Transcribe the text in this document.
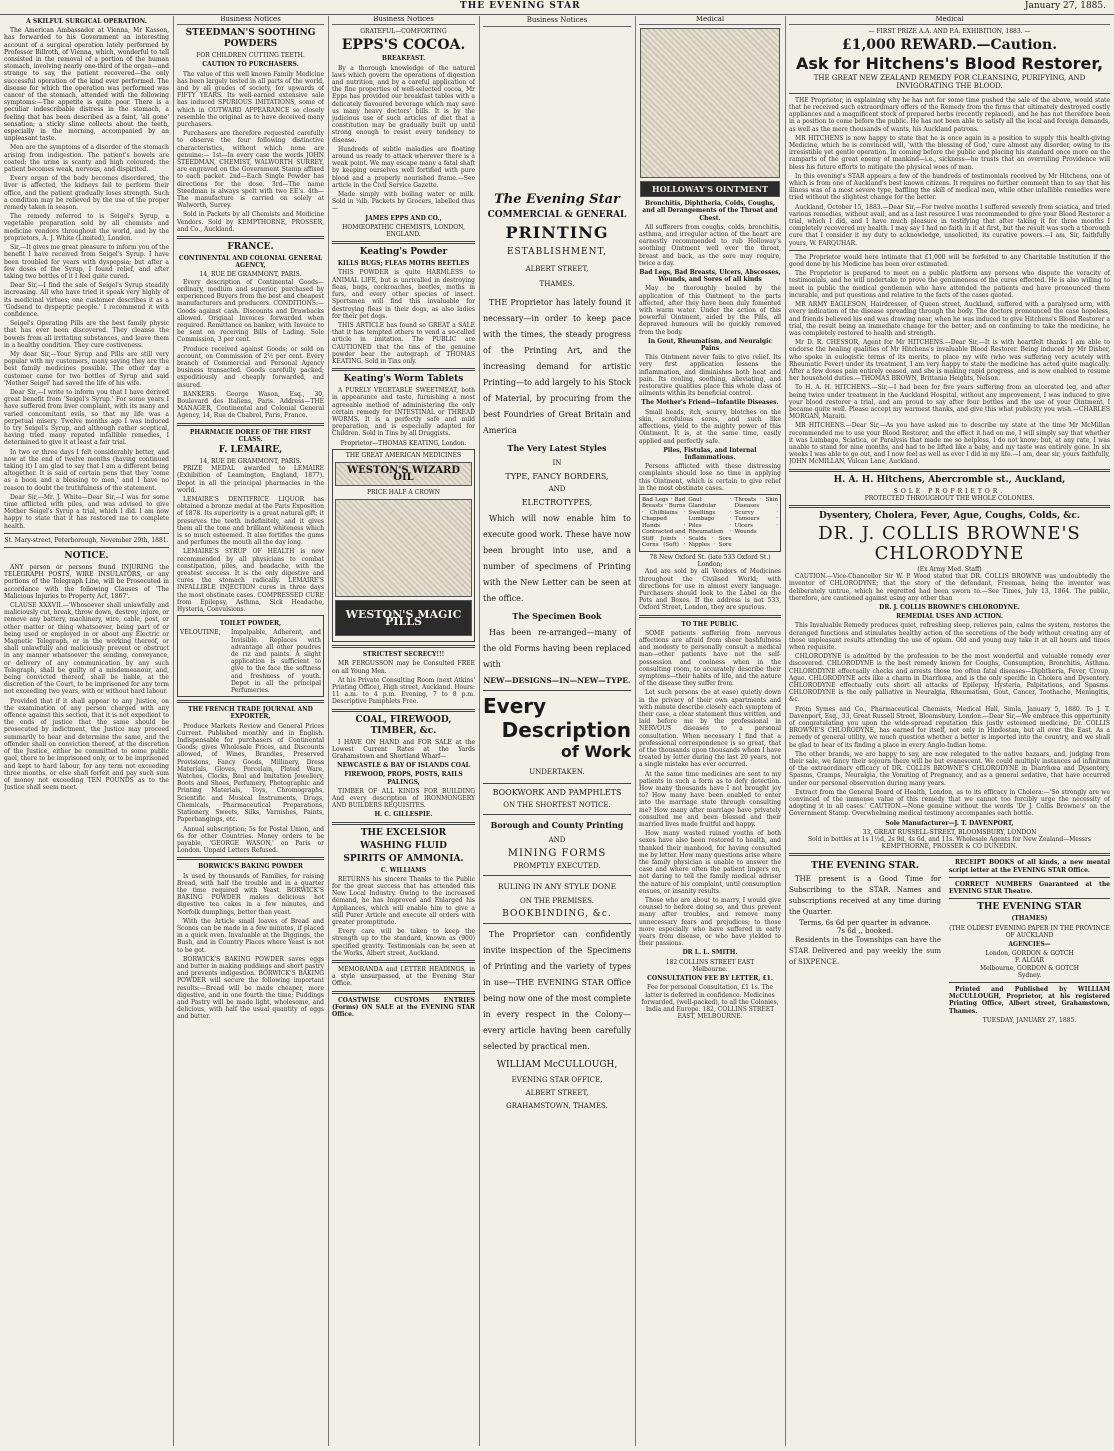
THE EVENING STAR	January 27, 1885.
A SKILFUL SURGICAL OPERATION.

The American Ambassador at Vienna, Mr Kasson, has forwarded to his Government an interesting account of a surgical operation lately performed by Professor Billroth, of Vienna, which, wonderful to tell consisted in the removal of a portion of the human stomach, involving nearly one-third of the organ—and strange to say, the patient recovered—the only successful operation of the kind ever performed. The disease for which the operation was performed was cancer of the stomach, attended with the following symptoms:—The appetite is quite poor. There is a peculiar indescribable distress in the stomach, a feeling that has been described as a faint, 'all gone' sensation; a sticky slime collects about the teeth, especially in the morning, accompanied by an unpleasant taste.

Men are the symptoms of a disorder of the stomach arising from indigestion. The patient's bowels are coated; the urine is scanty and high coloured; the patient becomes weak, nervous, and dispirited.

Every organ of the body becomes disordered, the liver is affected, the kidneys fail to perform their office, and the patient gradually loses strength. Such a condition may be relieved by the use of the proper remedy taken in season.

The remedy referred to is Seigel's Syrup, a vegetable preparation sold by all chemists and medicine vendors throughout the world, and by the proprietors, A. J. White (Limited), London.

Sir,—It gives me great pleasure to inform you of the benefit I have received from Seigel's Syrup. I have been troubled for years with dyspepsia; but after a few doses of the Syrup, I found relief, and after taking two bottles of it I feel quite cured.

Dear Sir,—I find the sale of Seigel's Syrup steadily increasing. All who have tried it speak very highly of its medicinal virtues; one customer describes it as a 'Godsend to dyspeptic people.' I recommend it with confidence.

Seigel's Operating Pills are the best family physic that has ever been discovered. They cleanse the bowels from all irritating substances, and leave them in a healthy condition. They cure costiveness.

My dear Sir,—Your Syrup and Pills are still very popular with my customers, many saying they are the best family medicines possible. The other day a customer came for two bottles of Syrup and said 'Mother Seigel' had saved the life of his wife.

Dear Sir,—I write to inform you that I have derived great benefit from 'Seigel's Syrup.' For some years I have suffered from liver complaint, with its many and varied concomitant evils, so that my life was a perpetual misery. Twelve months ago I was induced to try Seigel's Syrup, and although rather sceptical, having tried many reputed infallible remedies, I determined to give it at least a fair trial.

In two or three days I felt considerably better, and now at the end of twelve months (having continued taking it) I am glad to say that I am a different being altogether. It is said of certain pens that they 'come as a boon and a blessing to men,' and I have no reason to doubt the truthfulness of the statement.

Dear Sir,—Mr. J. White—Dear Sir,—I was for some time afflicted with piles, and was advised to give Mother Seigel's Syrup a trial, which I did. I am now happy to state that it has restored me to complete health.

St. Mary-street, Peterborough, November 29th, 1881.
NOTICE.

ANY person or persons found INJURING the TELEGRAPH POSTS, WIRE INSULATORS, or any portions of the Telegraph Line, will be Prosecuted in accordance with the following Clauses of 'The Malicious Injuries to Property Act, 1867'.

CLAUSE XXXVII.—'Whosoever shall unlawfully and maliciously cut, break, throw down, destroy, injure, or remove any battery, machinery, wire, cable, post, or other matter or thing whatsoever, being part of or being used or employed in or about any Electric or Magnetic Telegraph, or in the working thereof, or shall unlawfully and maliciously prevent or obstruct in any manner whatsoever the sending, conveyance, or delivery of any communication by any such Telegraph, shall be guilty of a misdemeanour, and, being convicted thereof, shall be liable, at the discretion of the Court, to be imprisoned for any term not exceeding two years, with or without hard labour.

Provided that if it shall appear to any Justice, on the examination of any person charged with any offence against this section, that it is not expedient to the ends of justice that the same should be prosecuted by indictment, the Justice may proceed summarily to hear and determine the same, and the offender shall on conviction thereof, at the discretion of the Justice, either be committed to some public gaol, there to be imprisoned only, or to be imprisoned and kept to hard labour, for any term not exceeding three months, or else shall forfeit and pay such sum of money not exceeding TEN POUNDS as to the Justice shall seem meet.

Business Notices
STEEDMAN'S SOOTHING POWDERS
FOR CHILDREN CUTTING TEETH.
CAUTION TO PURCHASERS.

The value of this well known Family Medicine has been largely tested in all parts of the world, and by all grades of society, for upwards of FIFTY YEARS. Its well-earned extensive sale has induced SPURIOUS IMITATIONS, some of which in OUTWARD APPEARANCE so closely resemble the original as to have deceived many purchasers.

Purchasers are therefore requested carefully to observe the four following distinctive characteristics, without which none are genuine:— 1st—In every case the words JOHN STEEDMAN, CHEMIST, WALWORTH SURREY, are engraved on the Government Stamp affixed to each packet. 2nd—Each Single Powder has directions for the dose. 3rd—The name Steedman is always spelt with two EE's. 4th—The manufacture is carried on solely at Walworth, Surrey.

Sold in Packets by all Chemists and Medicine Vendors. Sold by KEMPTHORNE, PROSSER, and Co., Auckland.

FRANCE.
CONTINENTAL AND COLONIAL GENERAL AGENCY,
14, RUE DE GRAMMONT, PARIS.

Every description of Continental Goods—ordinary, medium and superior, purchased by experienced Buyers from the best and cheapest manufacturers and producers. CONDITIONS:—Goods against cash. Discounts and Drawbacks allowed. Original Invoices forwarded when required. Remittance on banker, with Invoice to be sent on receiving Bills of Lading. Sole Commission, 3 per cent.

Produce received against Goods; or sold on account, on Commission of 2½ per cent. Every branch of Commercial and Personal Agency business transacted. Goods carefully packed; expeditiously and cheaply forwarded, and insured.

BANKERS: George Wason, Esq., 30, Boulevard des Italiens, Paris. Address—THE MANAGER, Continental and Colonial General Agency, 14, Rue de Chabrol, Paris, France.

PHARMACIE DOREE OF THE FIRST CLASS.
F. LEMAIRE,
14, RUE DE GRAMMONT, PARIS.

PRIZE MEDAL awarded to LEMAIRE (Exhibition of Leamington, England, 1877). Depot in all the principal pharmacies in the world.

LEMAIRE'S DENTIFRICE LIQUOR has obtained a bronze medal at the Paris Exposition of 1878. Its superiority is a great natural gift; it preserves the teeth indefinitely, and it gives them all the tone and brilliant whiteness which is so much esteemed. It also fortifies the gums and perfumes the mouth all the day long.

LEMAIRE'S SYRUP OF HEALTH is now recommended by all physicians to combat constipation, piles, and headache, with the greatest success. It is the only digestive and cures the stomach radically. LEMAIRE'S INFALLIBLE INJECTION cures in three days the most obstinate cases. COMPRESSED CURE from Epilepsy, Asthma, Sick Headache, Hysteria, Convulsions.

TOILET POWDER,
VELOUTINE,	Impalpable, Adherent, and Invisible. Replaces with advantage all other poudres de riz and paints. A slight application is sufficient to give to the face the softness and freshness of youth. Depot in all the principal Perfumeries.
THE FRENCH TRADE JOURNAL AND EXPORTER,

Produce Markets Review and General Prices Current. Published monthly and in English. Indispensable for purchasers of Continental Goods; gives Wholesale Prices, and Discounts allowed, of Wines, Brandies, Preserved Provisions, Fancy Goods, Millinery, Dress Materials, Gloves, Porcelain, Plated Ware, Watches, Clocks, Real and Imitation Jewellery, Boots and Shoes, Perfumery, Photographic and Printing Materials, Toys, Chromographs, Scientific and Musical Instruments, Drugs, Chemicals, Pharmaceutical Preparations, Stationery, Sweets, Silks, Varnishes, Paints, Paperhangings, etc.

Annual subscription; 5s for Postal Union, and 6s for other Countries. Money orders to be payable, 'GEORGE WASON,' on Paris or London. Unpaid Letters Refused.

BORWICK'S BAKING POWDER

Is used by thousands of Families, for raising Bread, with half the trouble and in a quarter the time required with Yeast. BORWICK'S BAKING POWDER makes delicious hot digestive tea cakes in a few minutes, and Norfolk dumplings, better than yeast.

With the Article small loaves of Bread and Scones can be made in a few minutes, if placed in a quick oven. Invaluable at the Diggings, the Bush, and in Country Places where Yeast is not to be got.

BORWICK'S BAKING POWDER saves eggs and butter in making puddings and short pastry and prevents indigestion. BORWICK'S BAKING POWDER will secure the following important results:—Bread will be made cheaper, more digestive, and in one fourth the time; Puddings and Pastry will be made light, wholesome, and delicious, with half the usual quantity of eggs and butter.

Business Notices
GRATEFUL—COMFORTING
EPPS'S COCOA.
BREAKFAST.

By a thorough knowledge of the natural laws which govern the operations of digestion and nutrition, and by a careful application of the fine properties of well-selected cocoa, Mr Epps has provided our breakfast tables with a delicately flavoured beverage which may save us many heavy doctors' bills. It is by the judicious use of such articles of diet that a constitution may be gradually built up until strong enough to resist every tendency to disease.

Hundreds of subtle maladies are floating around us ready to attack wherever there is a weak point. We may escape many a fatal shaft by keeping ourselves well fortified with pure blood and a properly nourished frame.—See article in the Civil Service Gazette.

Made simply with boiling water or milk. Sold in ¼lb. Packets by Grocers, labelled thus—

JAMES EPPS AND CO.,
HOMŒOPATHIC CHEMISTS, LONDON, ENGLAND.
Keating's Powder
KILLS BUGS; FLEAS MOTHS BEETLES

THIS POWDER is quite HARMLESS to ANIMAL LIFE, but is unrivalled in destroying fleas, bugs, cockroaches, beetles, moths in furs, and every other species of insect. Sportsmen will find this invaluable for destroying fleas in their dogs, as also ladies for their pet dogs.

THIS ARTICLE has found so GREAT a SALE that it has tempted others to vend a so-called article in imitation. The PUBLIC are CAUTIONED that the tins of the genuine powder bear the autograph of THOMAS KEATING. Sold in Tins only.

Keating's Worm Tablets

A PURELY VEGETABLE SWEETMEAT, both in appearance and taste, furnishing a most agreeable method of administering the only certain remedy for INTESTINAL or THREAD WORMS. It is a perfectly safe and mild preparation, and is especially adapted for Children. Sold in Tins by all Druggists.

Proprietor—THOMAS KEATING, London.
THE GREAT AMERICAN MEDICINES
WESTON'S WIZARD OIL
PRICE HALF A CROWN
WESTON'S MAGIC PILLS
STRICTEST SECRECY!!!

MR FERGUSSON may be Consulted FREE on all Young Men.

At his Private Consulting Room (next Atkins' Printing Office), High street, Auckland. Hours: 11 a.m. to 4 p.m. Evening, 7 to 8 p.m. Descriptive Pamphlets Free.

COAL, FIREWOOD, TIMBER, &c.

I HAVE ON HAND and FOR SALE at the Lowest Current Rates at the Yards Grahamstown and Shortland Wharf—

NEWCASTLE & BAY OF ISLANDS COAL
FIREWOOD, PROPS, POSTS, RAILS PALINGS,

TIMBER OF ALL KINDS FOR BUILDING And every description of IRONMONGERY AND BUILDERS REQUISITES.

H. C. GILLESPIE.
THE EXCELSIOR
WASHING FLUID
SPIRITS OF AMMONIA.
C. WILLIAMS

RETURNS his sincere Thanks to the Public for the great success that has attended this New Local Industry. Owing to the increased demand, he has Improved and Enlarged his Appliances, which will enable him to give a still Purer Article and execute all orders with greater promptitude.

Every care will be taken to keep the strength up to the standard, known as (900) specified gravity. Testimonials can be seen at the Works, Albert street, Auckland.

MEMORANDA and LETTER HEADINGS, in a style unsurpassed, at the Evening Star Office.

COASTWISE CUSTOMS ENTRIES (Forms) ON SALE at the EVENING STAR Office.

Business Notices
The Evening Star
COMMERCIAL & GENERAL
PRINTING
ESTABLISHMENT,
ALBERT STREET,
THAMES.

THE Proprietor has lately found it necessary—in order to keep pace with the times, the steady progress of the Printing Art, and the increasing demand for artistic Printing—to add largely to his Stock of Material, by procuring from the best Foundries of Great Britain and America

The Very Latest Styles
IN
TYPE, FANCY BORDERS,
AND
ELECTROTYPES,

Which will now enable him to execute good work. These have now been brought into use, and a number of specimens of Printing with the New Letter can be seen at the office.

The Specimen Book

Has been re-arranged—many of the old Forms having been replaced with

NEW—DESIGNS—IN—NEW—TYPE.
Every
Description
of Work
UNDERTAKEN.
BOOKWORK AND PAMPHLETS
ON THE SHORTEST NOTICE.
Borough and County Printing
AND
MINING FORMS
PROMPTLY EXECUTED.
RULING IN ANY STYLE DONE
ON THE PREMISES.
BOOKBINDING, &c.

The Proprietor can confidently invite inspection of the Specimens of Printing and the variety of types in use—THE EVENING STAR Office being now one of the most complete in every respect in the Colony—every article having been carefully selected by practical men.

WILLIAM McCULLOUGH,
EVENING STAR OFFICE,
ALBERT STREET,
GRAHAMSTOWN, THAMES.
Medical
HOLLOWAY'S OINTMENT
Bronchitis, Diphtheria, Colds, Coughs, and all Derangements of the Throat and Chest.

All sufferers from coughs, colds, bronchitis, asthma, and irregular action of the heart are earnestly recommended to rub Holloway's soothing Ointment well over the throat, breast and back, as the sore may require, twice a day.

Bad Legs, Bad Breasts, Ulcers, Abscesses, Wounds, and Sores of all kinds

May be thoroughly healed by the application of this Ointment to the parts affected, after they have been duly fomented with warm water. Under the action of this powerful Ointment, aided by the Pills, all depraved humours will be quickly removed from the body.

In Gout, Rheumatism, and Neuralgic Pains

This Ointment never fails to give relief. Its very first application lessens the inflammation, and diminishes both heat and pain. Its cooling, soothing, alleviating, and restorative qualities place this whole class of ailments within its beneficial control.

The Mother's Friend—Infantile Diseases.

Small heads, itch, scurvy, blotches on the skin, scrofulous sores, and such like affections, yield to the mighty power of this Ointment. It is, at the same time, easily applied and perfectly safe.

Piles, Fistulas, and Internal Inflammations.

Persons afflicted with these distressing complaints should lose no time in applying this Ointment, which is certain to give relief in the most obstinate cases.

Bad Legs · Bad Breasts · Burns · Chilblains · Chapped Hands · Contracted and Stiff Joints · Corns (Soft) · Gout · Glandular Swellings · Lumbago · Piles · Rheumatism · Scalds · Sore Nipples · Sore Throats · Skin Diseases · Scurvy · Tumours · Ulcers · Wounds
78 New Oxford St. (late 533 Oxford St.) London;

And are sold by all Vendors of Medicines throughout the Civilised World; with directions for use in almost every language. Purchasers should look to the Label on the Pots and Boxes. If the address is not 533, Oxford Street, London, they are spurious.

TO THE PUBLIC.

SOME patients suffering from nervous affections are afraid from sheer bashfulness and modesty to personally consult a medical man—other patients have not the self-possession and coolness when in the consulting room, to accurately describe their symptoms—their habits of life, and the nature of the disease they suffer from.

Let such persons (be at ease) quietly down in the privacy of their own apartments and with minute describe closely each symptom of their case, a clear statement thus written, and laid before me by the professional in NERVOUS diseases to a personal consultation. When necessary I find that a professional correspondence is so great, that of the thousands upon thousands whom I have treated by letter during the last 20 years, not a single mistake has ever occurred.

At the same time medicines are sent to my patients in such a form as to defy detection. How many thousands have I not brought joy to? How many have been enabled to enter into the marriage state through consulting me? How many after marriage have privately consulted me and been blessed and their married lives made fruitful and happy.

How many wasted ruined youths of both sexes have also been restored to health, and thanked their manhood, for having consulted me by letter. How many questions arise where the family physician is unable to answer the case and where often the patient lingers on, not daring to tell the family medical adviser the nature of his complaint, until consumption ensues, or insanity results.

Those who are about to marry, I would give counsel to before doing so, and thus prevent many after troubles, and remove many unnecessary fears and prejudices; to those more especially who have suffered in early years from disease, or who have yielded to their passions.

DR L. L. SMITH.
182 COLLINS STREET EAST
Melbourne.
CONSULTATION FEE BY LETTER, £1.
Fee for personal Consultation, £1 1s. The latter is deferred in confidence. Medicines forwarded, (well-packed), to all the Colonies, India and Europe. 182, COLLINS STREET EAST, MELBOURNE.
Medical
— FIRST PRIZE A.A. AND P.A. EXHIBITION, 1883. —
£1,000 REWARD.—Caution.
Ask for Hitchens's Blood Restorer,
THE GREAT NEW ZEALAND REMEDY FOR CLEANSING, PURIFYING, AND INVIGORATING THE BLOOD.

THE Proprietor, in explaining why he has not for some time pushed the sale of the above, would state that he received such extraordinary offers of the Remedy from the firms that ultimately destroyed costly appliances and a magnificent stock of prepared herbs (recently replaced), and he has not therefore been in a position to come before the public. He has not been able to satisfy all the local and foreign demands, as well as the mere thousands of wants, his Auckland patrons.

MR HITCHENS is now happy to state that he is once again in a position to supply this health-giving Medicine, which he is convinced will, 'with the blessing of God,' cure almost any disorder, owing to its irresistible yet gentle operation. In coming before the public and placing his standard once more on the ramparts of the great enemy of mankind—i.e., sickness—he trusts that an overruling Providence will bless his future efforts to mitigate the physical woes of man.

In this evening's STAR appears a few of the hundreds of testimonials received by Mr Hitchens, one of which is from one of Auckland's best known citizens. It requires no further comment than to say that his illness was of a most severe type, baffling the skill of medical men, while other infallible remedies were tried without the slightest change for the better.

Auckland, October 15, 1883.—Dear Sir,—For twelve months I suffered severely from sciatica, and tried various remedies, without avail, and as a last resource I was recommended to give your Blood Restorer a trial, which I did, and I have much pleasure in testifying that after taking it for three months I completely recovered my health. I may say I had no faith in it at first, but the result was such a thorough cure that I consider it my duty to acknowledge, unsolicited, its curative powers.—I am, Sir, faithfully yours, W. FARQUHAR.

The Proprietor would here intimate that £1,000 will be forfeited to any Charitable Institution if the good done by his Medicine has been over estimated.

The Proprietor is prepared to meet on a public platform any persons who dispute the veracity of testimonials, and he will undertake to prove the genuineness of the cures effected. He is also willing to meet in public the medical gentlemen who have attended the patients and have pronounced them incurable, and put questions and relative to the facts of the cases quoted.

MR ARMY EAGLESON, Hairdresser, of Queen street, Auckland, suffered with a paralysed arm, with every indication of the disease spreading through the body. The doctors pronounced the case hopeless, and friends believed his end was drawing near, when he was induced to give Hitchens's Blood Restorer a trial, the result being an immediate change for the better; and on continuing to take the medicine, he was completely restored to health and strength.

Mr D. R. CHESSOR, Agent for Mr HITCHENS.—Dear Sir,—It is with heartfelt thanks I am able to endorse the healing qualities of Mr Hitchens's invaluable Blood Restorer. Being induced by Mr Disher, who spoke in eulogistic terms of its merits, to place my wife (who was suffering very acutely with Rheumatic Fever) under its treatment, I am very happy to state the medicine has acted quite magically. After a few doses pain entirely ceased, and she is making rapid progress, and is now enabled to resume her household duties.—THOMAS BROWN, Brittania Heights, Nelson.

To H. A. H. HITCHENS.—Sir,—I had been for five years suffering from an ulcerated leg, and after being twice under treatment in the Auckland Hospital, without any improvement, I was induced to give your blood restorer a trial, and am proud to say after four bottles and the use of your Ointment, I became quite well. Please accept my warmest thanks, and give this what publicity you wish.—CHARLES MORGAN, Maraiti.

MR HITCHENS.—Dear Sir,—As you have asked me to describe my state at the time Mr McMillan recommended me to use your Blood Restorer, and the effect it had on me, I will simply say that whether it was Lumbago, Sciatica, or Paralysis that made me so helpless, I do not know; but, at any rate, I was unable to stand for nine months, and had to be lifted like a baby, and my taste was entirely gone. In six weeks I was able to go out, and I now feel as well as ever I did in my life.—I am, dear sir, yours faithfully, JOHN McMILLAN, Vulcan Lane, Auckland.

H. A. H. Hitchens, Abercromble st., Auckland,
SOLE PROPRIETOR.
PROTECTED THROUGHOUT THE WHOLE COLONIES.
Dysentery, Cholera, Fever, Ague, Coughs, Colds, &c.
DR. J. COLLIS BROWNE'S CHLORODYNE
(Ex Army Med. Staff)

CAUTION.—Vice-Chancellor Sir W. P. Wood stated that DR. COLLIS BROWNE was undoubtedly the inventor of CHLORODYNE; that the story of the defendant, Freeman, being the inventor was deliberately untrue, which he regretted had been sworn to.—See Times, July 13, 1864. The public, therefore, are cautioned against using any other than

DR. J. COLLIS BROWNE'S CHLORODYNE.
REMEDIAL USES AND ACTION.

This Invaluable Remedy produces quiet, refreshing sleep, relieves pain, calms the system, restores the deranged functions and stimulates healthy action of the secretions of the body without creating any of those unpleasant results attending the use of opium. Old and young may take it at all hours and times when requisite.

CHLORODYNE is admitted by the profession to be the most wonderful and valuable remedy ever discovered. CHLORODYNE is the best remedy known for Coughs, Consumption, Bronchitis, Asthma. CHLORODYNE effectually checks and arrests those too often fatal diseases—Diphtheria, Fever, Croup, Ague. CHLORODYNE acts like a charm in Diarrhœa, and is the only specific in Cholera and Dysentery. CHLORODYNE effectually cuts short all attacks of Epilepsy, Hysteria, Palpitations, and Spasms. CHLORODYNE is the only palliative in Neuralgia, Rheumatism, Gout, Cancer, Toothache, Meningitis, &c.

From Symes and Co., Pharmaceutical Chemists, Medical Hall, Simla, January 5, 1880. To J. T. Davenport, Esq., 33, Great Russell Street, Bloomsbury, London.—Dear Sir,—We embrace this opportunity of congratulating you upon the wide-spread reputation this justly esteemed medicine, Dr. COLLIS BROWNE'S CHLORODYNE, has earned for itself, not only in Hindostan, but all over the East. As a remedy of general utility, we much question whether a better is imported into the country, and we shall be glad to hear of its finding a place in every Anglo-Indian home.

The other brands, we are happy to say, are now relegated to the native bazaars, and, judging from their sale, we fancy their sojourn there will be but evanescent. We could multiply instances ad infinitum of the extraordinary efficacy of DR. COLLIS BROWNE'S CHLORODYNE in Diarrhœa and Dysentery, Spasms, Cramps, Neuralgia, the Vomiting of Pregnancy, and as a general sedative, that have occurred under our personal observation during many years.

Extract from the General Board of Health, London, as to its efficacy in Cholera:—'So strongly are we convinced of the immense value of this remedy that we cannot too forcibly urge the necessity of adopting it in all cases.' CAUTION.—None genuine without the words 'Dr J. Collis Browne's' on the Government Stamp. Overwhelming medical testimony accompanies each bottle.

Sole Manufacturer—J. T. DAVENPORT,
33, GREAT RUSSELL-STREET, BLOOMSBURY, LONDON
Sold in bottles at 1s 1½d, 2s 9d, 4s 6d, and 11s. Wholesale Agents for New Zealand—Messrs KEMPTHORNE, PROSSER & CO DUNEDIN.
THE EVENING STAR.

THE present is a Good Time for Subscribing to the STAR. Names and subscriptions received at any time during the Quarter.

Terms, 6s 6d per quarter in advance.
7s 6d ,, booked.

Residents in the Townships can have the STAR Delivered and pay weekly the sum of SIXPENCE.

RECEIPT BOOKS of all kinds, a new mental script letter at the EVENING STAR Office.

CORRECT NUMBERS Guaranteed at the EVENING STAR Theatre.

THE EVENING STAR
(THAMES)
(THE OLDEST EVENING PAPER IN THE PROVINCE OF AUCKLAND
AGENCIES—
London, GORDON & GOTCH
F. ALGAR
Melbourne, GORDON & GOTCH
Sydney.

Printed and Published by WILLIAM McCULLOUGH, Proprietor, at his registered Printing Office, Albert street, Grahamstown, Thames.

TUESDAY, JANUARY 27, 1885.
